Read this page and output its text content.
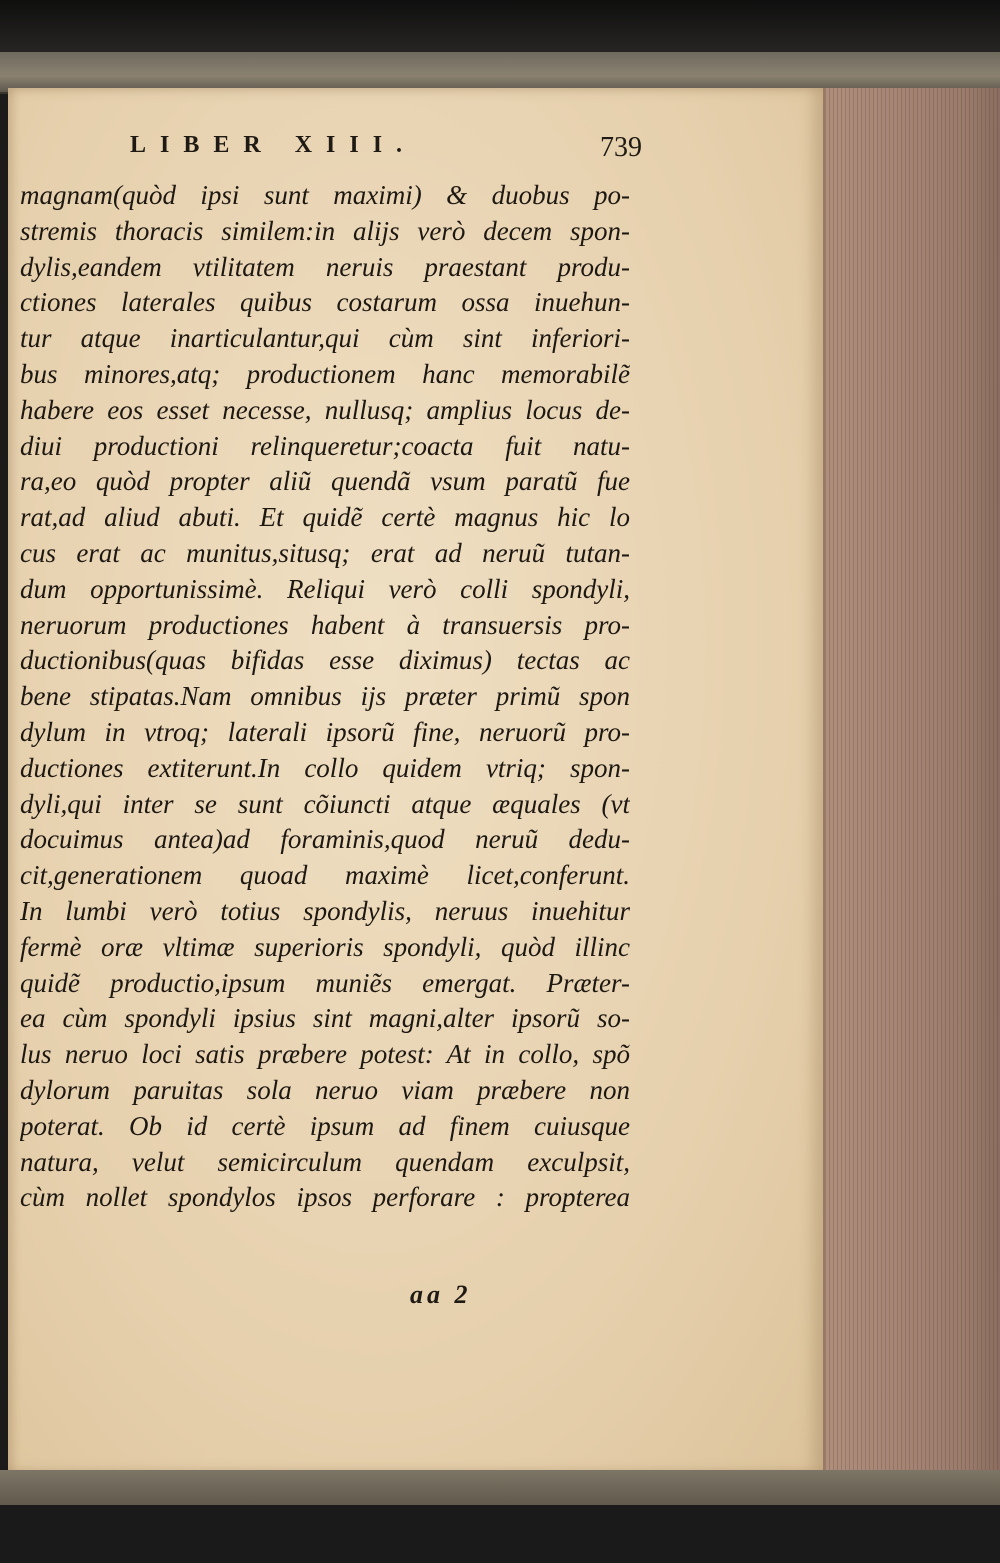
LIBER XIII.	739
magnam(quòd ipsi sunt maximi) & duobus po-
stremis thoracis similem:in alijs verò decem spon-
dylis,eandem vtilitatem neruis praestant produ-
ctiones laterales quibus costarum ossa inuehun-
tur atque inarticulantur,qui cùm sint inferiori-
bus minores,atq; productionem hanc memorabilẽ
habere eos esset necesse, nullusq; amplius locus de-
diui productioni relinqueretur;coacta fuit natu-
ra,eo quòd propter aliũ quendã vsum paratũ fue
rat,ad aliud abuti. Et quidẽ certè magnus hic lo
cus erat ac munitus,situsq; erat ad neruũ tutan-
dum opportunissimè. Reliqui verò colli spondyli,
neruorum productiones habent à transuersis pro-
ductionibus(quas bifidas esse diximus) tectas ac
bene stipatas.Nam omnibus ijs præter primũ spon
dylum in vtroq; laterali ipsorũ fine, neruorũ pro-
ductiones extiterunt.In collo quidem vtriq; spon-
dyli,qui inter se sunt cõiuncti atque æquales (vt
docuimus antea)ad foraminis,quod neruũ dedu-
cit,generationem quoad maximè licet,conferunt.
In lumbi verò totius spondylis, neruus inuehitur
fermè oræ vltimæ superioris spondyli, quòd illinc
quidẽ productio,ipsum muniẽs emergat. Præter-
ea cùm spondyli ipsius sint magni,alter ipsorũ so-
lus neruo loci satis præbere potest: At in collo, spõ
dylorum paruitas sola neruo viam præbere non
poterat. Ob id certè ipsum ad finem cuiusque
natura, velut semicirculum quendam exculpsit,
cùm nollet spondylos ipsos perforare : propterea
aa 2
